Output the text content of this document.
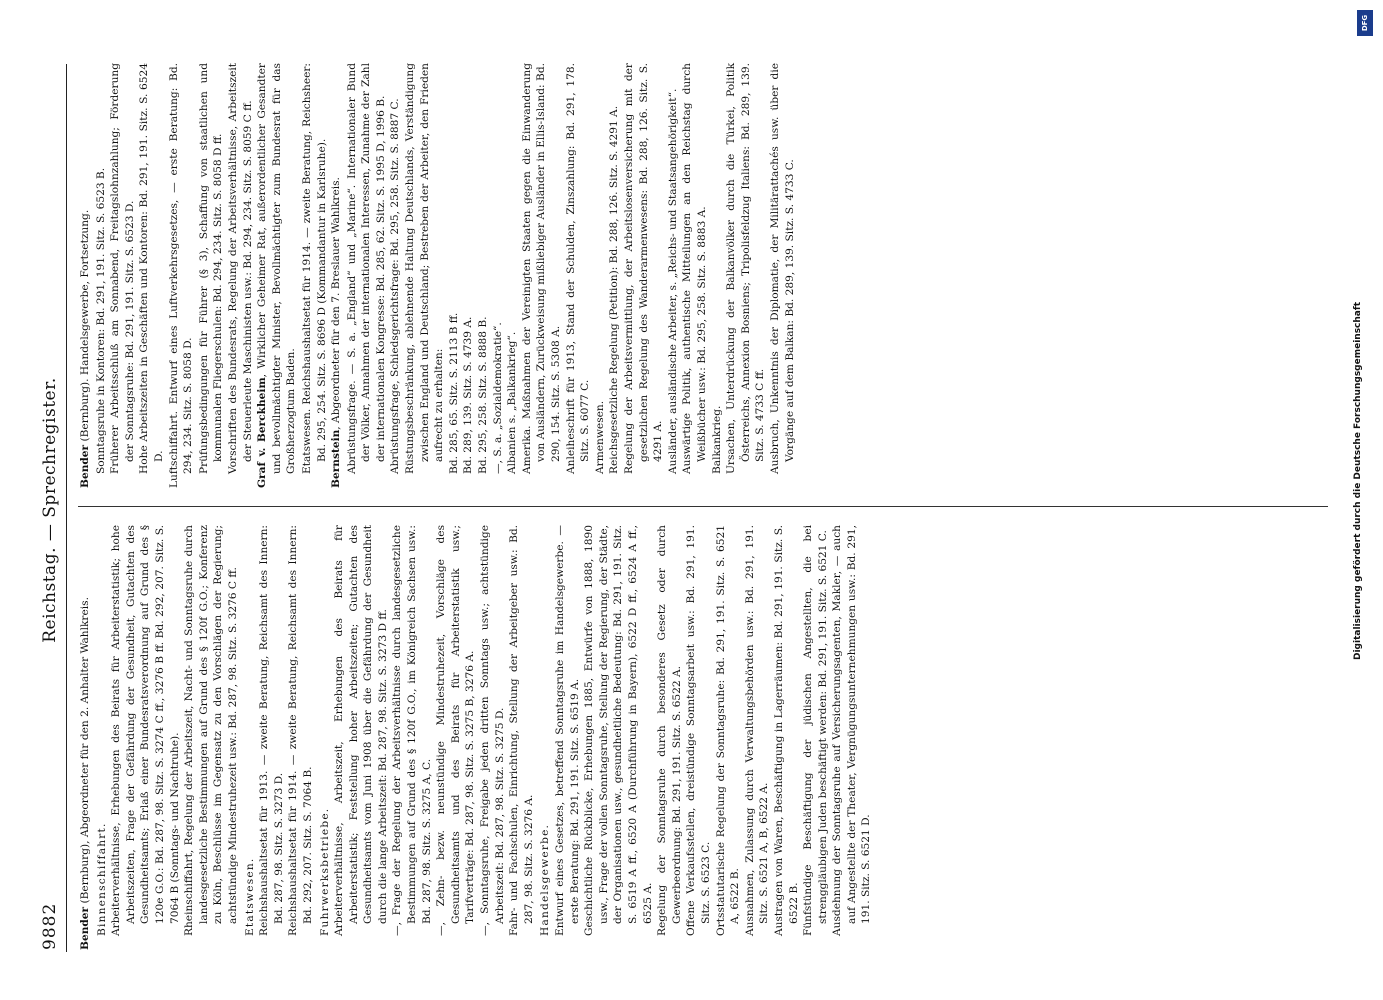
9882
Reichstag. — Sprechregister.

Bender (Bernburg), Abgeordneter für den 2. Anhalter Wahlkreis. Binnenschiffahrt. Arbeiterverhältnisse, Erhebungen des Beirats für Arbeiterstatistik; hohe Arbeitszeiten, Frage der Gefährdung der Gesundheit, Gutachten des Gesundheitsamts; Erlaß einer Bundesratsverordnung auf Grund des § 120e G.O.: Bd. 287, 98. Sitz. S. 3274 C ff., 3276 B ff. Bd. 292, 207. Sitz. S. 7064 B (Sonntags- und Nachtruhe). Rheinschiffahrt, Regelung der Arbeitszeit, Nacht- und Sonntagsruhe durch landesgesetzliche Bestimmungen auf Grund des § 120f G.O.; Konferenz zu Köln, Beschlüsse im Gegensatz zu den Vorschlägen der Regierung; achtstündige Mindestruhezeit usw.: Bd. 287, 98. Sitz. S. 3276 C ff. Etatswesen. Reichshaushaltsetat für 1913. — zweite Beratung, Reichsamt des Innern: Bd. 287, 98. Sitz. S. 3273 D. Reichshaushaltsetat für 1914. — zweite Beratung, Reichsamt des Innern: Bd. 292, 207. Sitz. S. 7064 B. Fuhrwerksbetriebe. Arbeiterverhältnisse, Arbeitszeit, Erhebungen des Beirats für Arbeiterstatistik; Feststellung hoher Arbeitszeiten; Gutachten des Gesundheitsamts vom Juni 1908 über die Gefährdung der Gesundheit durch die lange Arbeitszeit: Bd. 287, 98. Sitz. S. 3273 D ff. —, Frage der Regelung der Arbeitsverhältnisse durch landesgesetzliche Bestimmungen auf Grund des § 120f G.O., im Königreich Sachsen usw.: Bd. 287, 98. Sitz. S. 3275 A, C. —, Zehn- bezw. neunstündige Mindestruhezeit, Vorschläge des Gesundheitsamts und des Beirats für Arbeiterstatistik usw.; Tarifverträge: Bd. 287, 98. Sitz. S. 3275 B, 3276 A. —, Sonntagsruhe, Freigabe jeden dritten Sonntags usw.; achtstündige Arbeitszeit: Bd. 287, 98. Sitz. S. 3275 D. Fahr- und Fachschulen, Einrichtung, Stellung der Arbeitgeber usw.: Bd. 287, 98. Sitz. S. 3276 A. Handelsgewerbe. Entwurf eines Gesetzes, betreffend Sonntagsruhe im Handelsgewerbe. — erste Beratung: Bd. 291, 191. Sitz. S. 6519 A. Geschichtliche Rückblicke, Erhebungen 1885, Entwürfe von 1888, 1890 usw., Frage der vollen Sonntagsruhe, Stellung der Regierung, der Städte, der Organisationen usw., gesundheitliche Bedeutung: Bd. 291, 191. Sitz. S. 6519 A ff., 6520 A (Durchführung in Bayern), 6522 D ff., 6524 A ff., 6525 A. Regelung der Sonntagsruhe durch besonderes Gesetz oder durch Gewerbeordnung: Bd. 291, 191. Sitz. S. 6522 A. Offene Verkaufsstellen, dreistündige Sonntagsarbeit usw.: Bd. 291, 191. Sitz. S. 6523 C. Ortsstatutarische Regelung der Sonntagsruhe: Bd. 291, 191. Sitz. S. 6521 A, 6522 B. Ausnahmen, Zulassung durch Verwaltungsbehörden usw.: Bd. 291, 191. Sitz. S. 6521 A, B, 6522 A. Austragen von Waren, Beschäftigung in Lagerräumen: Bd. 291, 191. Sitz. S. 6522 B. Fünfstündige Beschäftigung der jüdischen Angestellten, die bei strenggläubigen Juden beschäftigt werden: Bd. 291, 191. Sitz. S. 6521 C. Ausdehnung der Sonntagsruhe auf Versicherungsagenten, Makler, — auch auf Angestellte der Theater, Vergnügungsunternehmungen usw.: Bd. 291, 191. Sitz. S. 6521 D.

Bender (Bernburg). Handelsgewerbe, Fortsetzung. Sonntagsruhe in Kontoren: Bd. 291, 191. Sitz. S. 6523 B. Früherer Arbeitsschluß am Sonnabend, Freitagslohnzahlung; Förderung der Sonntagsruhe: Bd. 291, 191. Sitz. S. 6523 D. Hohe Arbeitszeiten in Geschäften und Kontoren: Bd. 291, 191. Sitz. S. 6524 D. Luftschiffahrt. Entwurf eines Luftverkehrsgesetzes, — erste Beratung: Bd. 294, 234. Sitz. S. 8058 D. Prüfungsbedingungen für Führer (§ 3), Schaffung von staatlichen und kommunalen Fliegerschulen: Bd. 294, 234. Sitz. S. 8058 D ff. Vorschriften des Bundesrats, Regelung der Arbeitsverhältnisse, Arbeitszeit der Steuerleute Maschinisten usw.: Bd. 294, 234. Sitz. S. 8059 C ff. Graf v. Berckheim, Wirklicher Geheimer Rat, außerordentlicher Gesandter und bevollmächtigter Minister, Bevollmächtigter zum Bundesrat für das Großherzogtum Baden. Etatswesen. Reichshaushaltsetat für 1914. — zweite Beratung, Reichsheer: Bd. 295, 254. Sitz. S. 8696 D (Kommandantur in Karlsruhe). Bernstein, Abgeordneter für den 7. Breslauer Wahlkreis. Abrüstungsfrage. — S. a. „England“ und „Marine“. Internationaler Bund der Völker, Annahmen der internationalen Interessen, Zunahme der Zahl der internationalen Kongresse: Bd. 285, 62. Sitz. S. 1995 D, 1996 B. Abrüstungsfrage, Schiedsgerichtsfrage: Bd. 295, 258. Sitz. S. 8887 C. Rüstungsbeschränkung, ablehnende Haltung Deutschlands, Verständigung zwischen England und Deutschland; Bestreben der Arbeiter, den Frieden aufrecht zu erhalten: Bd. 285, 65. Sitz. S. 2113 B ff. Bd. 289, 139. Sitz. S. 4739 A. Bd. 295, 258. Sitz. S. 8888 B. —, S. a. „Sozialdemokratie“. Albanien s. „Balkankrieg“. Amerika. Maßnahmen der Vereinigten Staaten gegen die Einwanderung von Ausländern, Zurückweisung mißliebiger Ausländer in Ellis-Island: Bd. 290, 154. Sitz. S. 5308 A. Anleiheschrift für 1913, Stand der Schulden, Zinszahlung: Bd. 291, 178. Sitz. S. 6077 C. Armenwesen. Reichsgesetzliche Regelung (Petition): Bd. 288, 126. Sitz. S. 4291 A. Regelung der Arbeitsvermittlung, der Arbeitslosenversicherung mit der gesetzlichen Regelung des Wanderarmenwesens: Bd. 288, 126. Sitz. S. 4291 A. Ausländer, ausländische Arbeiter, s. „Reichs- und Staatsangehörigkeit“. Auswärtige Politik, authentische Mitteilungen an den Reichstag durch Weißbücher usw.: Bd. 295, 258. Sitz. S. 8883 A. Balkankrieg. Ursachen, Unterdrückung der Balkanvölker durch die Türkei, Politik Österreichs, Annexion Bosniens; Tripolisfeldzug Italiens: Bd. 289, 139. Sitz. S. 4733 C ff. Ausbruch, Unkenntnis der Diplomatie, der Militärattachés usw. über die Vorgänge auf dem Balkan: Bd. 289, 139. Sitz. S. 4733 C.

DFG
Digitalisierung gefördert durch die Deutsche Forschungsgemeinschaft
